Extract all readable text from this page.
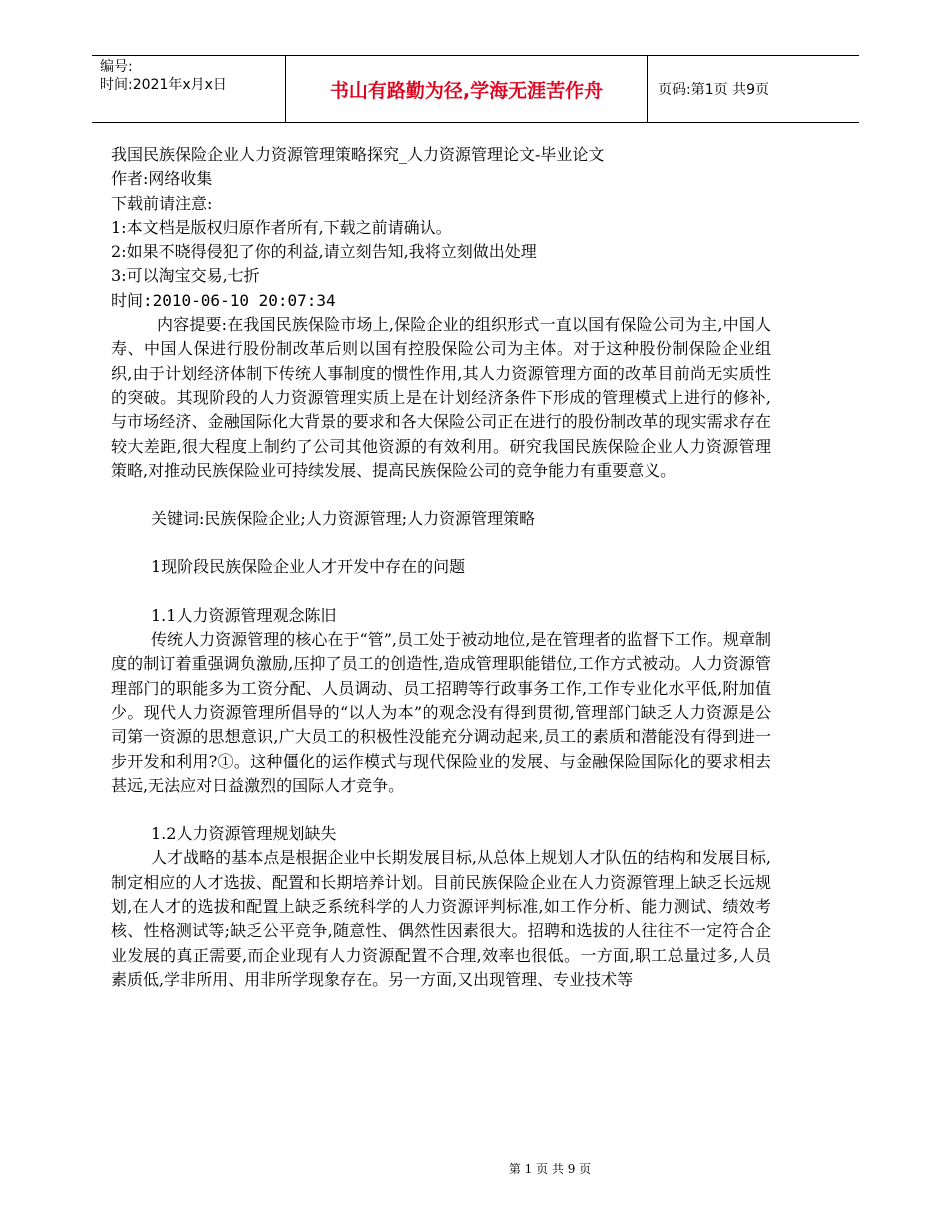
编号:
时间:2021年x月x日	书山有路勤为径,学海无涯苦作舟	页码:第1页 共9页
我国民族保险企业人力资源管理策略探究_人力资源管理论文-毕业论文
作者:网络收集
下载前请注意:
1:本文档是版权归原作者所有,下载之前请确认。
2:如果不晓得侵犯了你的利益,请立刻告知,我将立刻做出处理
3:可以淘宝交易,七折
时间:2010-06-10 20:07:34
内容提要:在我国民族保险市场上,保险企业的组织形式一直以国有保险公司为主,中国人寿、中国人保进行股份制改革后则以国有控股保险公司为主体。对于这种股份制保险企业组织,由于计划经济体制下传统人事制度的惯性作用,其人力资源管理方面的改革目前尚无实质性的突破。其现阶段的人力资源管理实质上是在计划经济条件下形成的管理模式上进行的修补,与市场经济、金融国际化大背景的要求和各大保险公司正在进行的股份制改革的现实需求存在较大差距,很大程度上制约了公司其他资源的有效利用。研究我国民族保险企业人力资源管理策略,对推动民族保险业可持续发展、提高民族保险公司的竞争能力有重要意义。
关键词:民族保险企业;人力资源管理;人力资源管理策略
1现阶段民族保险企业人才开发中存在的问题
1.1人力资源管理观念陈旧
传统人力资源管理的核心在于“管”,员工处于被动地位,是在管理者的监督下工作。规章制度的制订着重强调负激励,压抑了员工的创造性,造成管理职能错位,工作方式被动。人力资源管理部门的职能多为工资分配、人员调动、员工招聘等行政事务工作,工作专业化水平低,附加值少。现代人力资源管理所倡导的“以人为本”的观念没有得到贯彻,管理部门缺乏人力资源是公司第一资源的思想意识,广大员工的积极性没能充分调动起来,员工的素质和潜能没有得到进一步开发和利用?①。这种僵化的运作模式与现代保险业的发展、与金融保险国际化的要求相去甚远,无法应对日益激烈的国际人才竞争。
1.2人力资源管理规划缺失
人才战略的基本点是根据企业中长期发展目标,从总体上规划人才队伍的结构和发展目标,制定相应的人才选拔、配置和长期培养计划。目前民族保险企业在人力资源管理上缺乏长远规划,在人才的选拔和配置上缺乏系统科学的人力资源评判标准,如工作分析、能力测试、绩效考核、性格测试等;缺乏公平竞争,随意性、偶然性因素很大。招聘和选拔的人往往不一定符合企业发展的真正需要,而企业现有人力资源配置不合理,效率也很低。一方面,职工总量过多,人员素质低,学非所用、用非所学现象存在。另一方面,又出现管理、专业技术等
第 1 页 共 9 页
